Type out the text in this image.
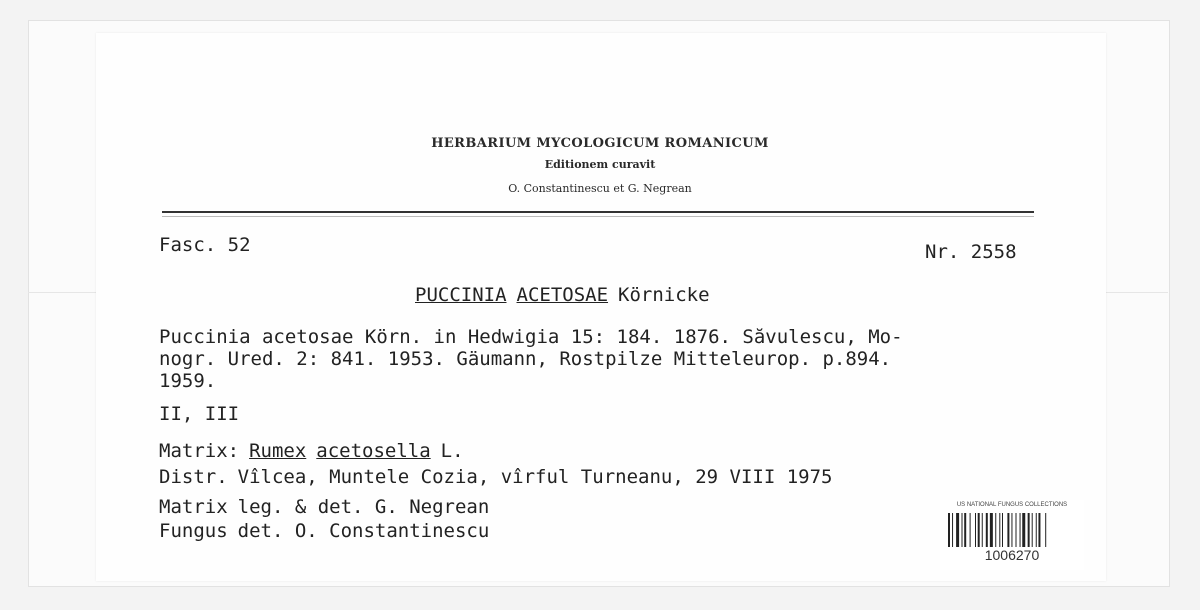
HERBARIUM MYCOLOGICUM ROMANICUM
Editionem curavit
O. Constantinescu et G. Negrean
Fasc. 52	Nr. 2558
PUCCINIA ACETOSAE Körnicke
Puccinia acetosae Körn. in Hedwigia 15: 184. 1876. Săvulescu, Mo-
nogr. Ured. 2: 841. 1953. Gäumann, Rostpilze Mitteleurop. p.894.
1959.
II, III
Matrix: Rumex acetosella L.
Distr. Vîlcea, Muntele Cozia, vîrful Turneanu, 29 VIII 1975
Matrix leg. & det. G. Negrean
Fungus det. O. Constantinescu
US NATIONAL FUNGUS COLLECTIONS
1006270
